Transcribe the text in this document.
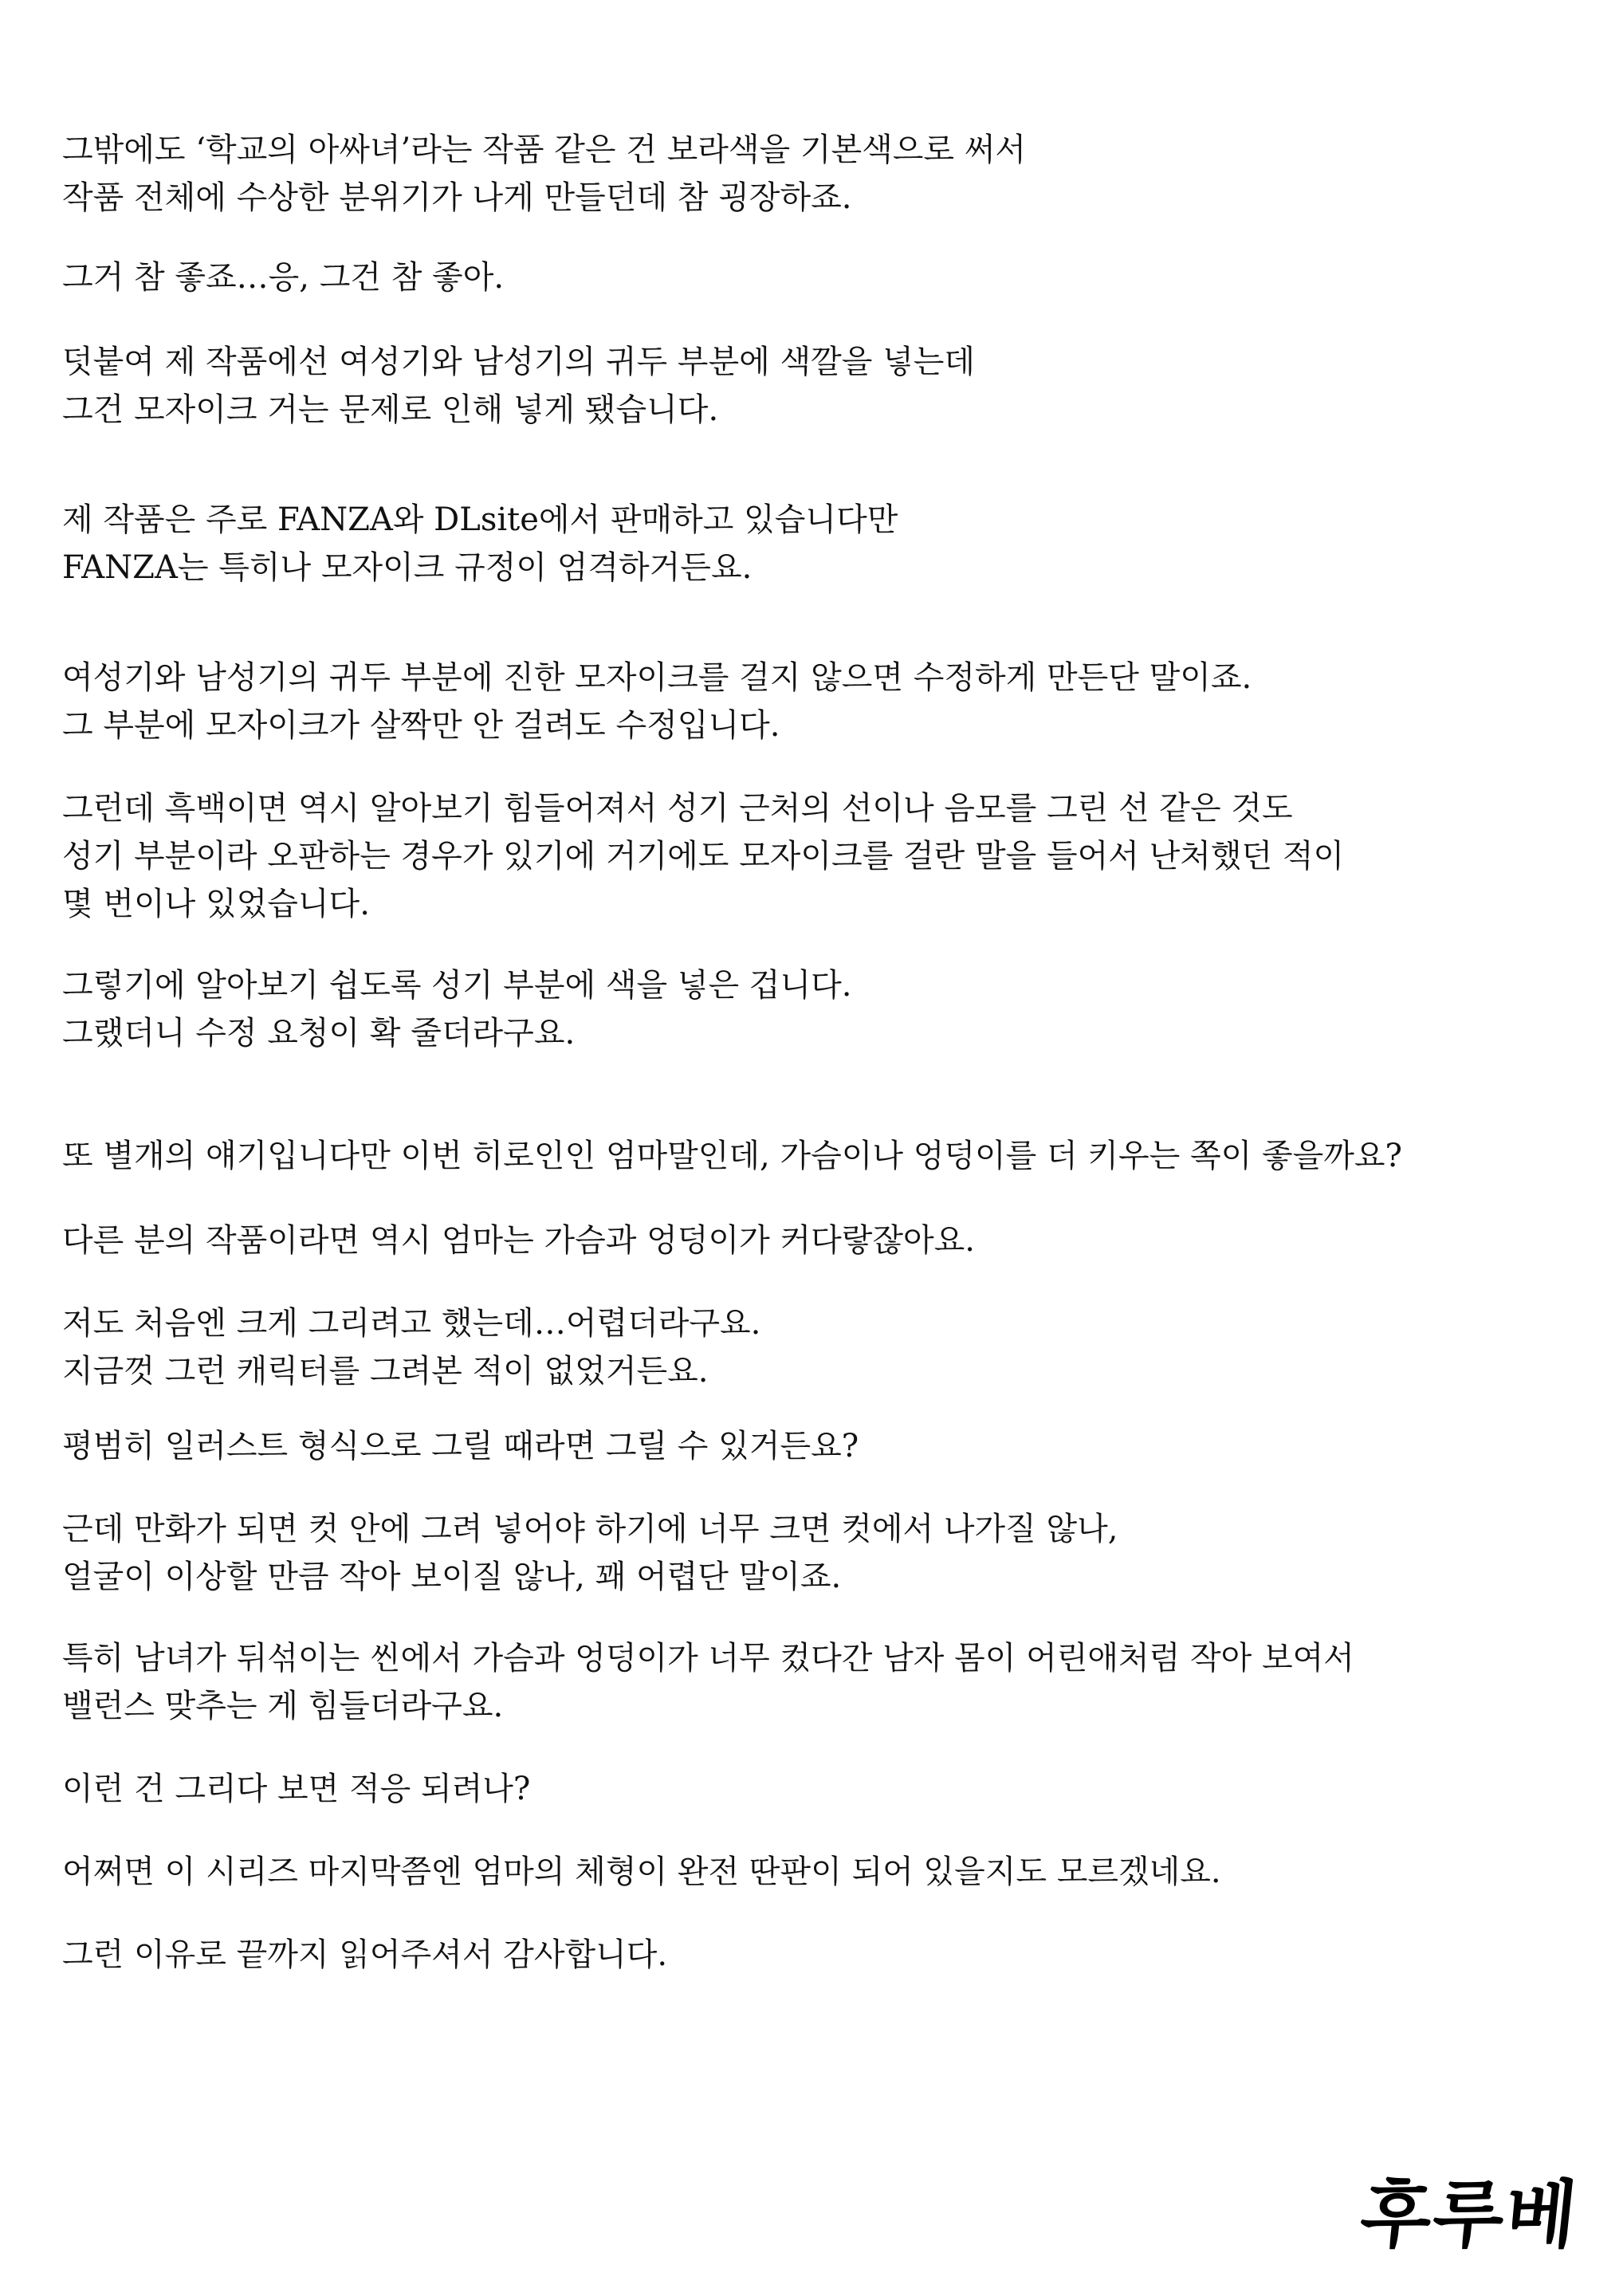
그밖에도 ‘학교의 아싸녀’라는 작품 같은 건 보라색을 기본색으로 써서
작품 전체에 수상한 분위기가 나게 만들던데 참 굉장하죠.
그거 참 좋죠…응, 그건 참 좋아.
덧붙여 제 작품에선 여성기와 남성기의 귀두 부분에 색깔을 넣는데
그건 모자이크 거는 문제로 인해 넣게 됐습니다.
제 작품은 주로 FANZA와 DLsite에서 판매하고 있습니다만
FANZA는 특히나 모자이크 규정이 엄격하거든요.
여성기와 남성기의 귀두 부분에 진한 모자이크를 걸지 않으면 수정하게 만든단 말이죠.
그 부분에 모자이크가 살짝만 안 걸려도 수정입니다.
그런데 흑백이면 역시 알아보기 힘들어져서 성기 근처의 선이나 음모를 그린 선 같은 것도
성기 부분이라 오판하는 경우가 있기에 거기에도 모자이크를 걸란 말을 들어서 난처했던 적이
몇 번이나 있었습니다.
그렇기에 알아보기 쉽도록 성기 부분에 색을 넣은 겁니다.
그랬더니 수정 요청이 확 줄더라구요.
또 별개의 얘기입니다만 이번 히로인인 엄마말인데, 가슴이나 엉덩이를 더 키우는 쪽이 좋을까요?
다른 분의 작품이라면 역시 엄마는 가슴과 엉덩이가 커다랗잖아요.
저도 처음엔 크게 그리려고 했는데…어렵더라구요.
지금껏 그런 캐릭터를 그려본 적이 없었거든요.
평범히 일러스트 형식으로 그릴 때라면 그릴 수 있거든요?
근데 만화가 되면 컷 안에 그려 넣어야 하기에 너무 크면 컷에서 나가질 않나,
얼굴이 이상할 만큼 작아 보이질 않나, 꽤 어렵단 말이죠.
특히 남녀가 뒤섞이는 씬에서 가슴과 엉덩이가 너무 컸다간 남자 몸이 어린애처럼 작아 보여서
밸런스 맞추는 게 힘들더라구요.
이런 건 그리다 보면 적응 되려나?
어쩌면 이 시리즈 마지막쯤엔 엄마의 체형이 완전 딴판이 되어 있을지도 모르겠네요.
그런 이유로 끝까지 읽어주셔서 감사합니다.
후루베
